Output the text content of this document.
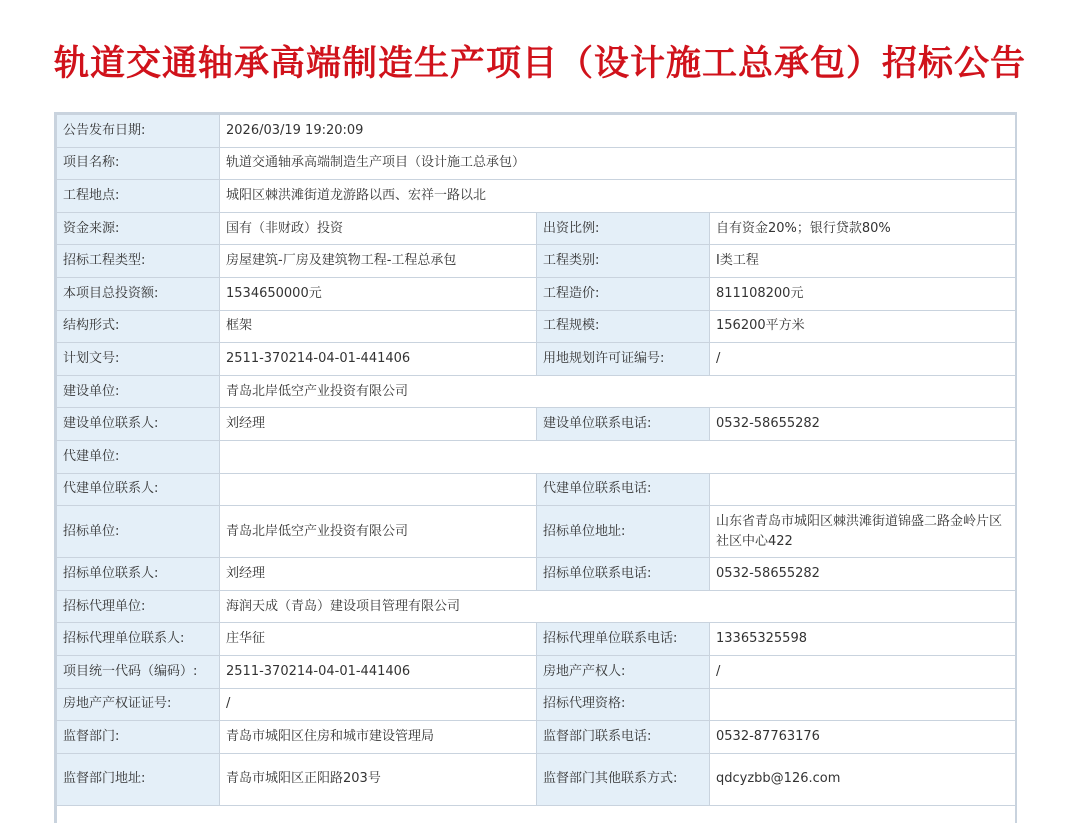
轨道交通轴承高端制造生产项目（设计施工总承包）招标公告
公告发布日期:	2026/03/19 19:20:09		
项目名称:	轨道交通轴承高端制造生产项目（设计施工总承包）		
工程地点:	城阳区棘洪滩街道龙游路以西、宏祥一路以北		
资金来源:	国有（非财政）投资	出资比例:	自有资金20%；银行贷款80%
招标工程类型:	房屋建筑-厂房及建筑物工程-工程总承包	工程类别:	I类工程
本项目总投资额:	1534650000元	工程造价:	811108200元
结构形式:	框架	工程规模:	156200平方米
计划文号:	2511-370214-04-01-441406	用地规划许可证编号:	/
建设单位:	青岛北岸低空产业投资有限公司		
建设单位联系人:	刘经理	建设单位联系电话:	0532-58655282
代建单位:			
代建单位联系人:		代建单位联系电话:	
招标单位:	青岛北岸低空产业投资有限公司	招标单位地址:	山东省青岛市城阳区棘洪滩街道锦盛二路金岭片区社区中心422
招标单位联系人:	刘经理	招标单位联系电话:	0532-58655282
招标代理单位:	海润天成（青岛）建设项目管理有限公司		
招标代理单位联系人:	庄华征	招标代理单位联系电话:	13365325598
项目统一代码（编码）:	2511-370214-04-01-441406	房地产产权人:	/
房地产产权证证号:	/	招标代理资格:	
监督部门:	青岛市城阳区住房和城市建设管理局	监督部门联系电话:	0532-87763176
监督部门地址:	青岛市城阳区正阳路203号	监督部门其他联系方式:	qdcyzbb@126.com
